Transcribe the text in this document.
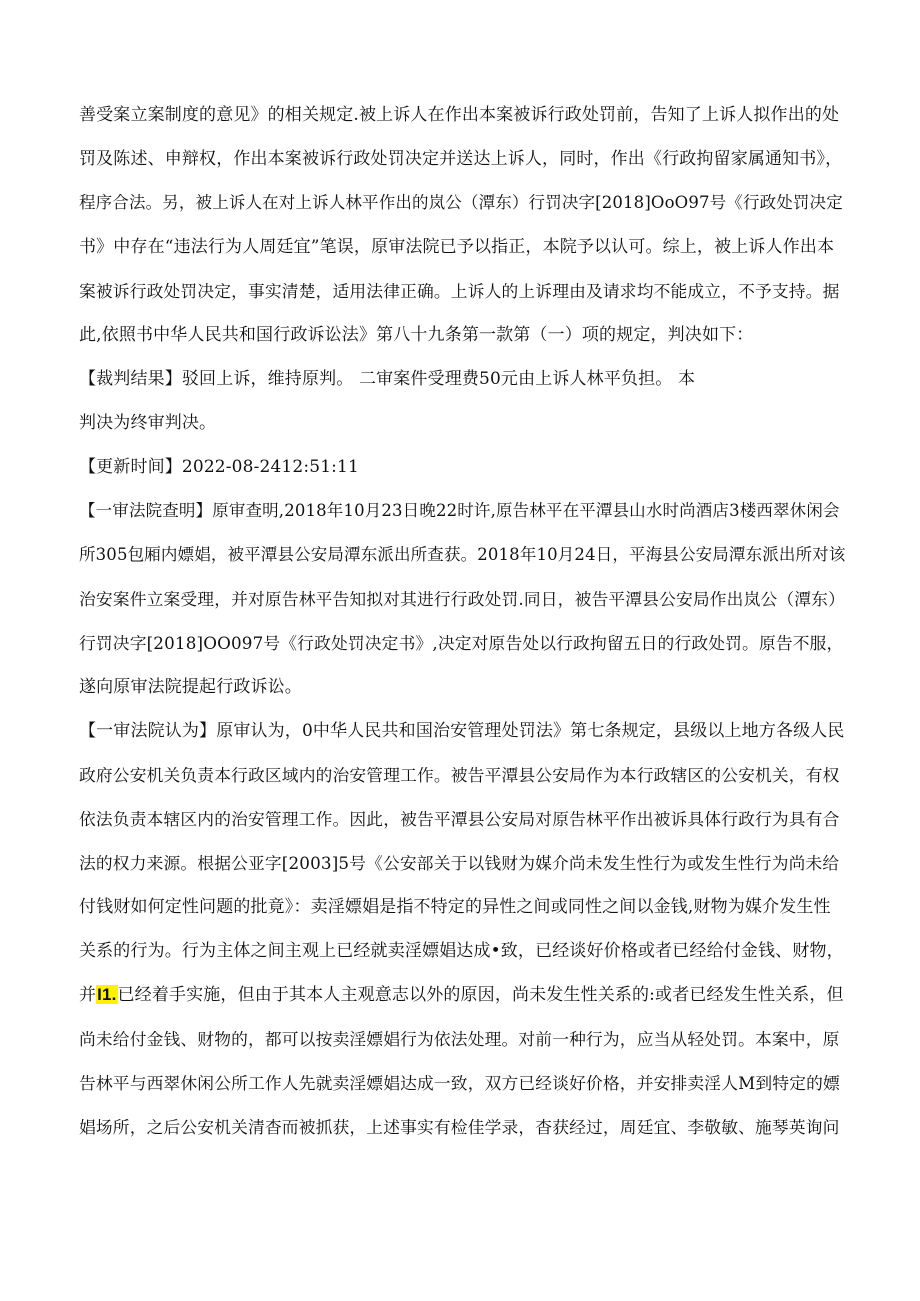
善受案立案制度的意见》的相关规定.被上诉人在作出本案被诉行政处罚前，告知了上诉人拟作出的处
罚及陈述、申辩权，作出本案被诉行政处罚决定并送达上诉人，同时，作出《行政拘留家属通知书》，
程序合法。另，被上诉人在对上诉人林平作出的岚公（潭东）行罚决字[2018]OoO97号《行政处罚决定
书》中存在“违法行为人周廷宜”笔误，原审法院已予以指正，本院予以认可。综上，被上诉人作出本
案被诉行政处罚决定，事实清楚，适用法律正确。上诉人的上诉理由及请求均不能成立，不予支持。据
此,依照书中华人民共和国行政诉讼法》第八十九条第一款第（一）项的规定，判决如下：
【裁判结果】驳回上诉，维持原判。 二审案件受理费50元由上诉人林平负担。 本
判决为终审判决。
【更新时间】2022-08-2412:51:11
【一审法院查明】原审查明,2018年10月23日晚22时许,原告林平在平潭县山水时尚酒店3楼西翠休闲会
所305包厢内嫖娼，被平潭县公安局潭东派出所查获。2018年10月24日，平海县公安局潭东派出所对该
治安案件立案受理，并对原告林平告知拟对其进行行政处罚.同日，被告平潭县公安局作出岚公（潭东）
行罚决字[2018]OO097号《行政处罚决定书》,决定对原告处以行政拘留五日的行政处罚。原告不服，
遂向原审法院提起行政诉讼。
【一审法院认为】原审认为，0中华人民共和国治安管理处罚法》第七条规定，县级以上地方各级人民
政府公安机关负责本行政区域内的治安管理工作。被告平潭县公安局作为本行政辖区的公安机关，有权
依法负责本辖区内的治安管理工作。因此，被告平潭县公安局对原告林平作出被诉具体行政行为具有合
法的权力来源。根据公亚字[2003]5号《公安部关于以钱财为媒介尚未发生性行为或发生性行为尚未给
付钱财如何定性问题的批竟》：卖淫嫖娼是指不特定的异性之间或同性之间以金钱,财物为媒介发生性
关系的行为。行为主体之间主观上已经就卖淫嫖娼达成•致，已经谈好价格或者已经给付金钱、财物，
并I1.已经着手实施，但由于其本人主观意志以外的原因，尚未发生性关系的:或者已经发生性关系，但
尚未给付金钱、财物的，都可以按卖淫嫖娼行为依法处理。对前一种行为，应当从轻处罚。本案中，原
告林平与西翠休闲公所工作人先就卖淫嫖娼达成一致，双方已经谈好价格，并安排卖淫人M到特定的嫖
娼场所，之后公安机关清杳而被抓获，上述事实有检佳学录，杳获经过，周廷宜、李敬敏、施琴英询问
